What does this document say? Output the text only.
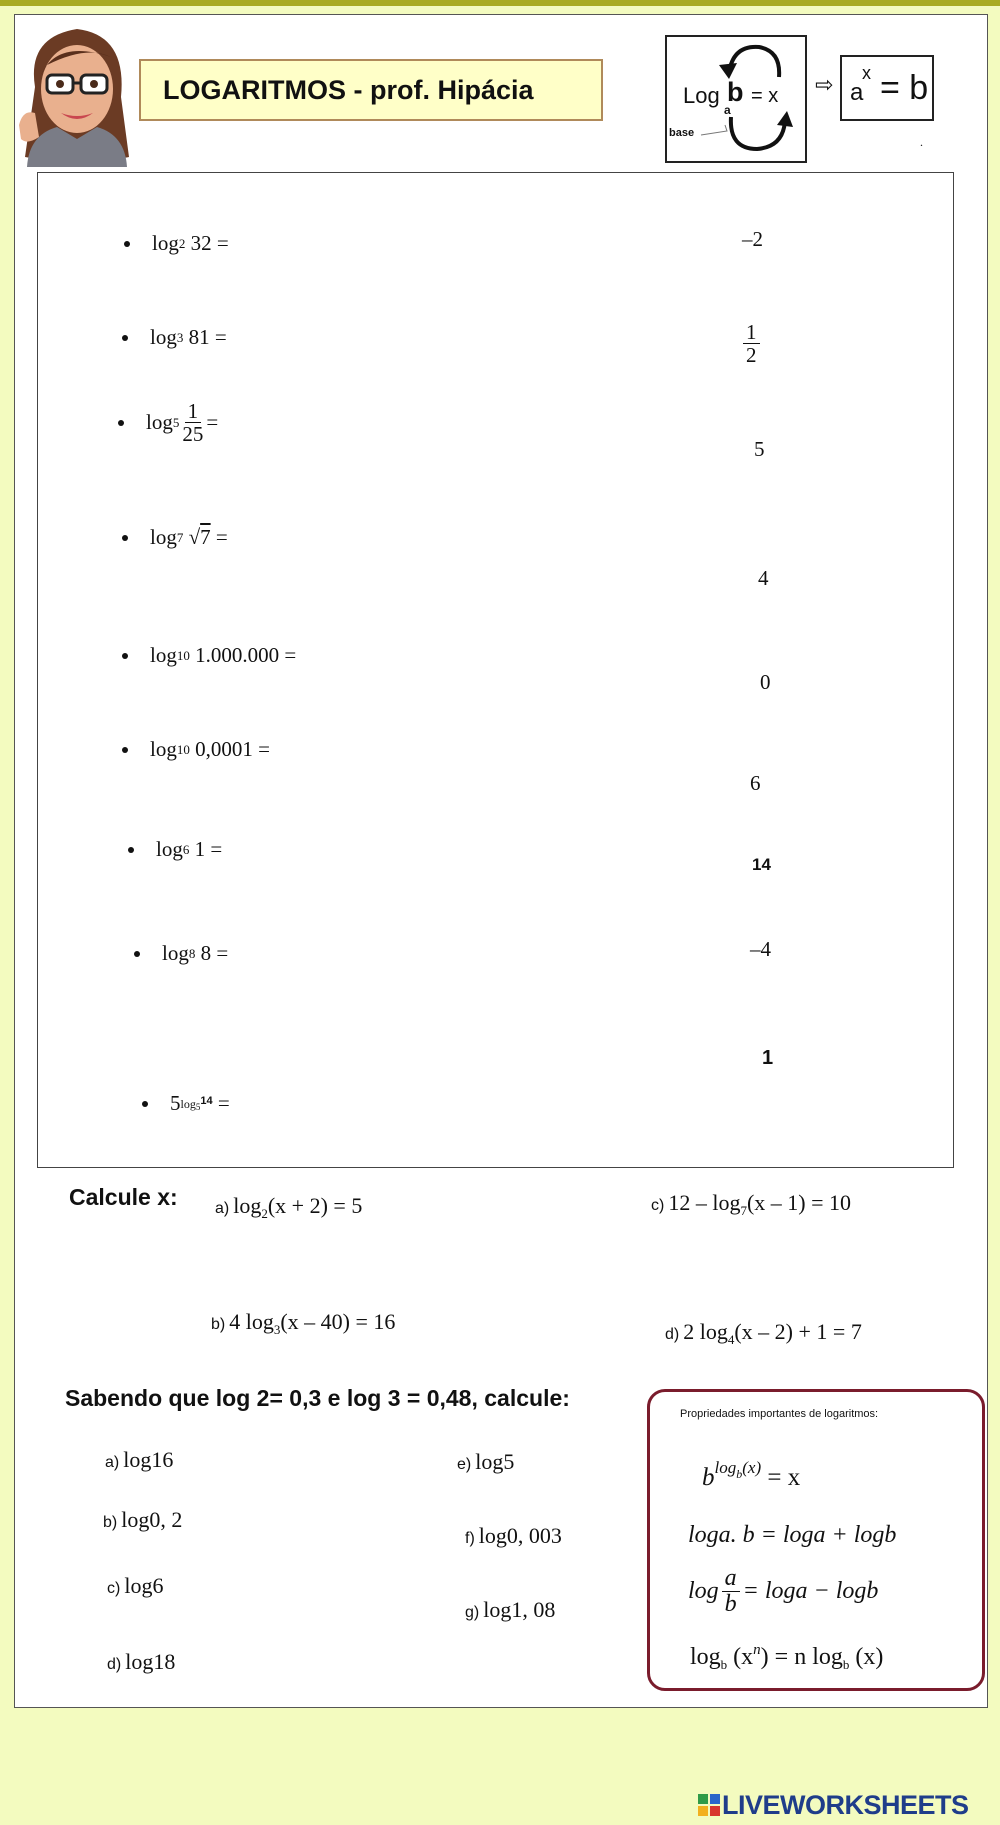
LOGARITMOS - prof. Hipácia	Log b = x
a
base
⇨ a
x = b
.
log 2
32 =
log 3
81 =
$\log 5 \frac{1}{25}$ =
log 7
√ 7
=
log 10
1.000.000 =
log 10
0,0001 =
log 6
1 =
log 8
8 =
5 $\log_514$
=
–2
$\frac{1}{2}$
5
4
0
6
14
–4
1
Calcule x: a) $\log_2(x + 2) = 5$
b) 4 $\log_3(x - 40) = 16$
c) $12 - \log_7(x - 1) = 10$
d) 2 $\log_4(x - 2) + 1 = 7$
Sabendo que log 2= 0,3 e log 3 = 0,48, calcule:
a) log16
b) log0, 2
c) log6
d) log18
e) log5
f) log0, 003
g) log1, 08
Propriedades importantes de logaritmos:
$b^{log_b(x)} = x$
loga. b = loga + logb
$\log \frac{a}{b} = \log a - \log b$
$\log_b (x^n) = n$ $\log_b (x)$
LIVEWORKSHEETS
